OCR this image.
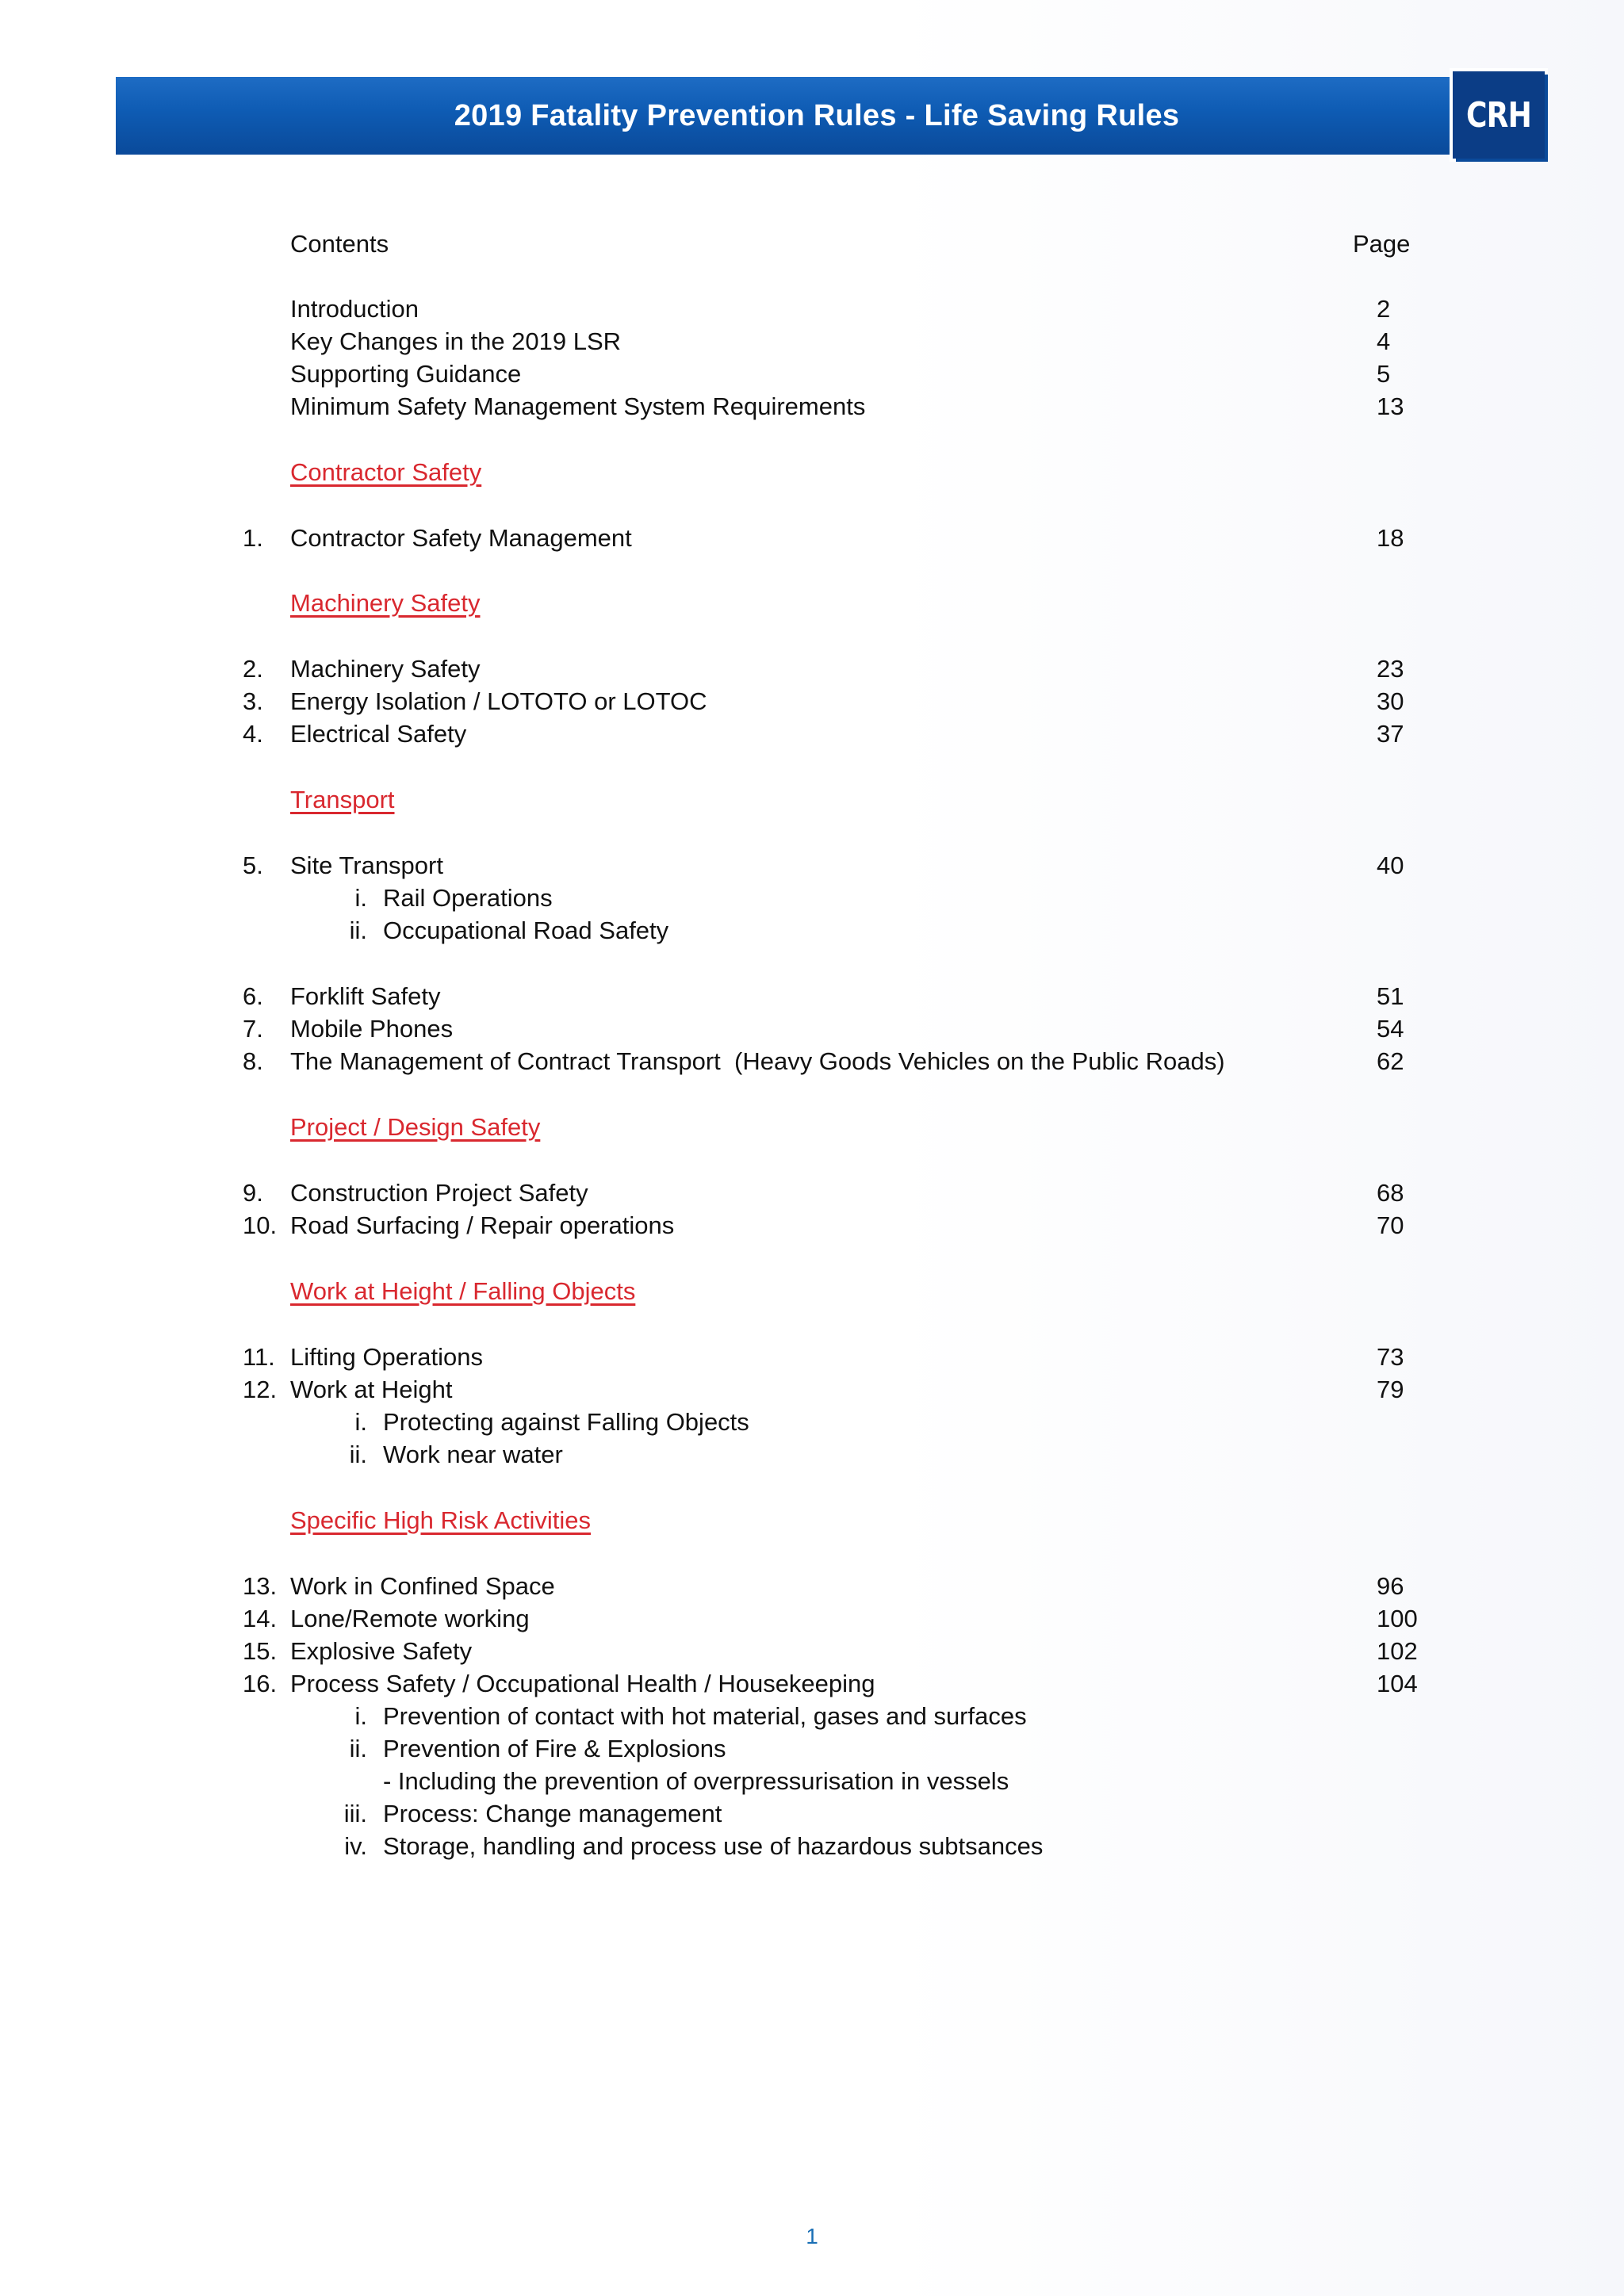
2019 Fatality Prevention Rules - Life Saving Rules	CRH
Contents	Page
Introduction	2
Key Changes in the 2019 LSR	4
Supporting Guidance	5
Minimum Safety Management System Requirements	13
Contractor Safety
1. Contractor Safety Management	18
Machinery Safety
2. Machinery Safety	23
3. Energy Isolation / LOTOTO or LOTOC	30
4. Electrical Safety	37
Transport
5. Site Transport	40
i. Rail Operations
ii. Occupational Road Safety
6. Forklift Safety	51
7. Mobile Phones	54
8. The Management of Contract Transport  (Heavy Goods Vehicles on the Public Roads)	62
Project / Design Safety
9. Construction Project Safety	68
10. Road Surfacing / Repair operations	70
Work at Height / Falling Objects
11. Lifting Operations	73
12. Work at Height	79
i. Protecting against Falling Objects
ii. Work near water
Specific High Risk Activities
13. Work in Confined Space	96
14. Lone/Remote working	100
15. Explosive Safety	102
16. Process Safety / Occupational Health / Housekeeping	104
i. Prevention of contact with hot material, gases and surfaces
ii. Prevention of Fire & Explosions
- Including the prevention of overpressurisation in vessels
iii. Process: Change management
iv. Storage, handling and process use of hazardous subtsances
1
